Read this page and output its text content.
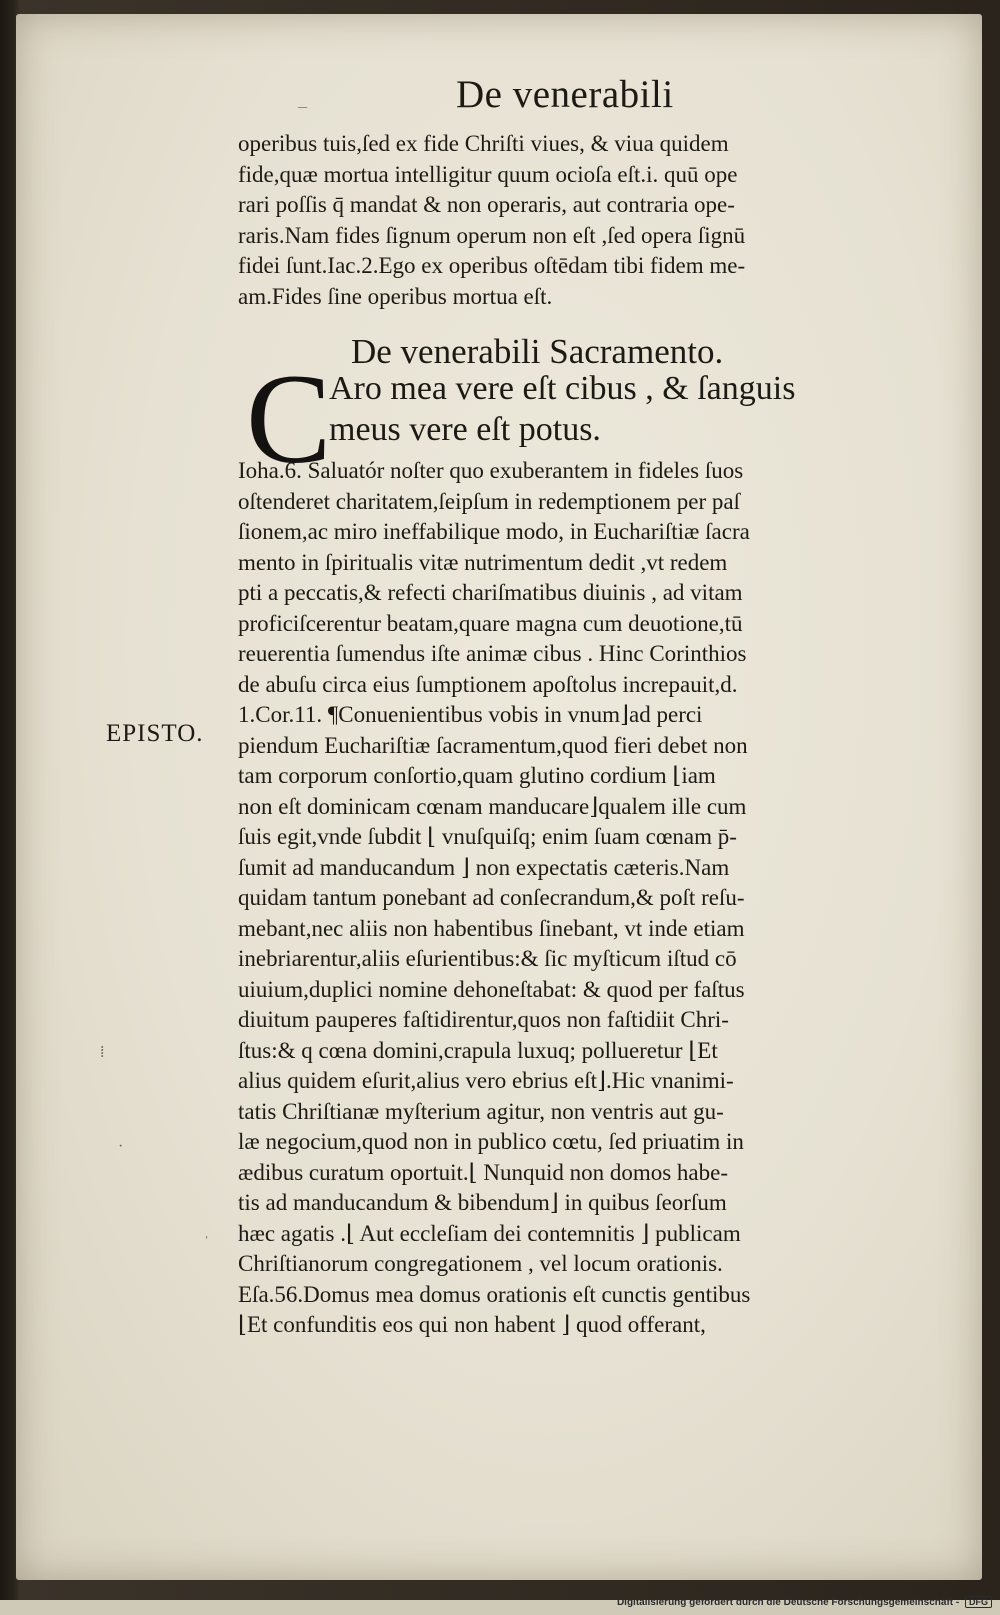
De venerabili
–
operibus tuis,ſed ex fide Chriſti viues, & viua quidem
fide,quæ mortua intelligitur quum ocioſa eſt.i. quū ope
rari poſſis q̄ mandat & non operaris, aut contraria ope-
raris.Nam fides ſignum operum non eſt ,ſed opera ſignū
fidei ſunt.Iac.2.Ego ex operibus oſtēdam tibi fidem me-
am.Fides ſine operibus mortua eſt.
De venerabili Sacramento.
C
Aro mea vere eſt cibus , & ſanguis
meus vere eſt potus.
Ioha.6. Saluatór noſter quo exuberantem in fideles ſuos
oſtenderet charitatem,ſeipſum in redemptionem per paſ
ſionem,ac miro ineffabilique modo, in Euchariſtiæ ſacra
mento in ſpiritualis vitæ nutrimentum dedit ,vt redem
pti a peccatis,& refecti chariſmatibus diuinis , ad vitam
proficiſcerentur beatam,quare magna cum deuotione,tū
reuerentia ſumendus iſte animæ cibus . Hinc Corinthios
de abuſu circa eius ſumptionem apoſtolus increpauit,d.
1.Cor.11. ¶Conuenientibus vobis in vnum⌋ad perci
piendum Euchariſtiæ ſacramentum,quod fieri debet non
tam corporum conſortio,quam glutino cordium ⌊iam
non eſt dominicam cœnam manducare⌋qualem ille cum
ſuis egit,vnde ſubdit ⌊ vnuſquiſq; enim ſuam cœnam p̄-
ſumit ad manducandum ⌋ non expectatis cæteris.Nam
quidam tantum ponebant ad conſecrandum,& poſt reſu-
mebant,nec aliis non habentibus ſinebant, vt inde etiam
inebriarentur,aliis eſurientibus:& ſic myſticum iſtud cō
uiuium,duplici nomine dehoneſtabat: & quod per faſtus
diuitum pauperes faſtidirentur,quos non faſtidiit Chri-
ſtus:& q cœna domini,crapula luxuq; pollueretur ⌊Et
alius quidem eſurit,alius vero ebrius eſt⌋.Hic vnanimi-
tatis Chriſtianæ myſterium agitur, non ventris aut gu-
læ negocium,quod non in publico cœtu, ſed priuatim in
ædibus curatum oportuit.⌊ Nunquid non domos habe-
tis ad manducandum & bibendum⌋ in quibus ſeorſum
hæc agatis .⌊ Aut eccleſiam dei contemnitis ⌋ publicam
Chriſtianorum congregationem , vel locum orationis.
Eſa.56.Domus mea domus orationis eſt cunctis gentibus
⌊Et confunditis eos qui non habent ⌋ quod offerant,
EPISTO.
⁞
·
ˈ
Digitalisierung gefördert durch die Deutsche Forschungsgemeinschaft - DFG
